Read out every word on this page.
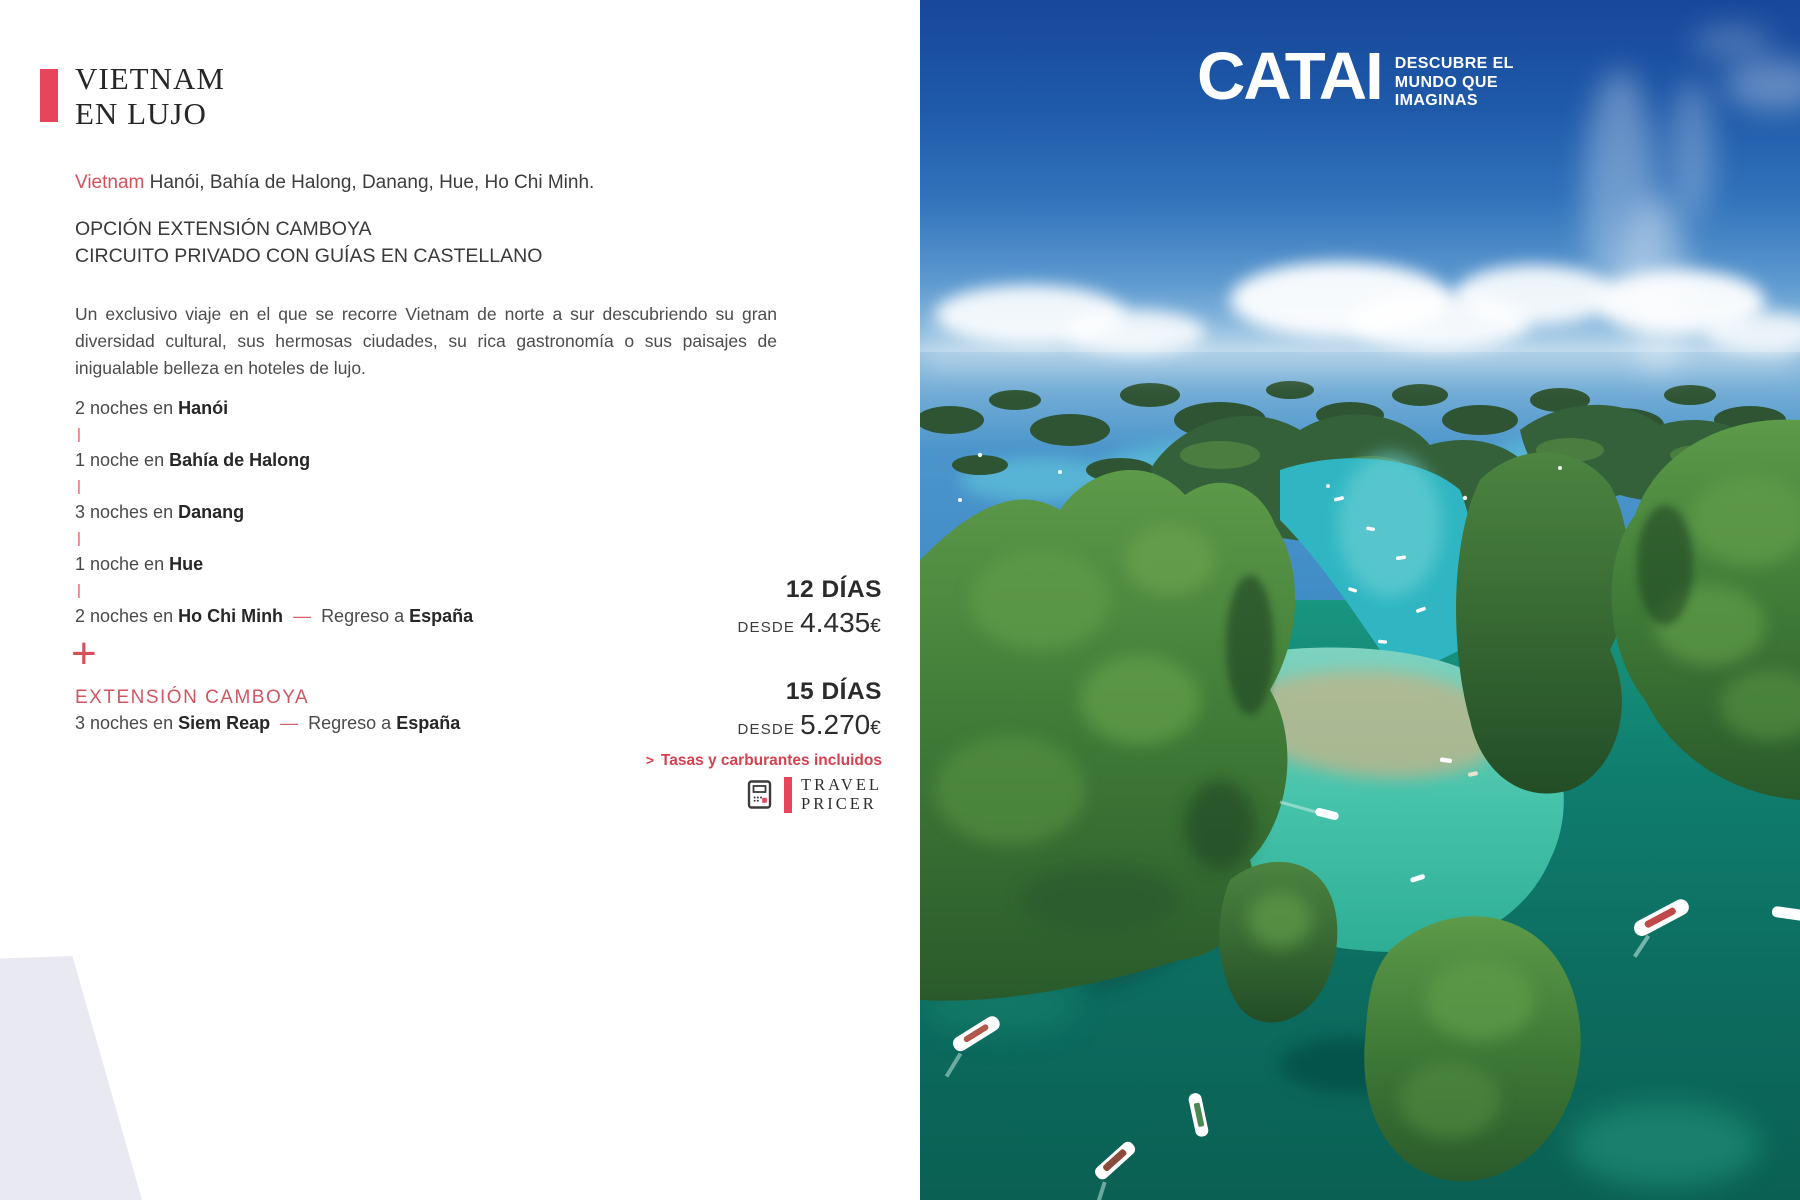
VIETNAM
EN LUJO
Vietnam Hanói, Bahía de Halong, Danang, Hue, Ho Chi Minh.
OPCIÓN EXTENSIÓN CAMBOYA
CIRCUITO PRIVADO CON GUÍAS EN CASTELLANO

Un exclusivo viaje en el que se recorre Vietnam de norte a sur descubriendo su gran diversidad cultural, sus hermosas ciudades, su rica gastronomía o sus paisajes de inigualable belleza en hoteles de lujo.

2 noches en Hanói
|
1 noche en Bahía de Halong
|
3 noches en Danang
|
1 noche en Hue
|
2 noches en Ho Chi Minh — Regreso a España
+
EXTENSIÓN CAMBOYA
3 noches en Siem Reap — Regreso a España
12 DÍAS
DESDE 4.435€
15 DÍAS
DESDE 5.270€
> Tasas y carburantes incluidos
TRAVEL
PRICER
CATAI DESCUBRE EL
MUNDO QUE
IMAGINAS
